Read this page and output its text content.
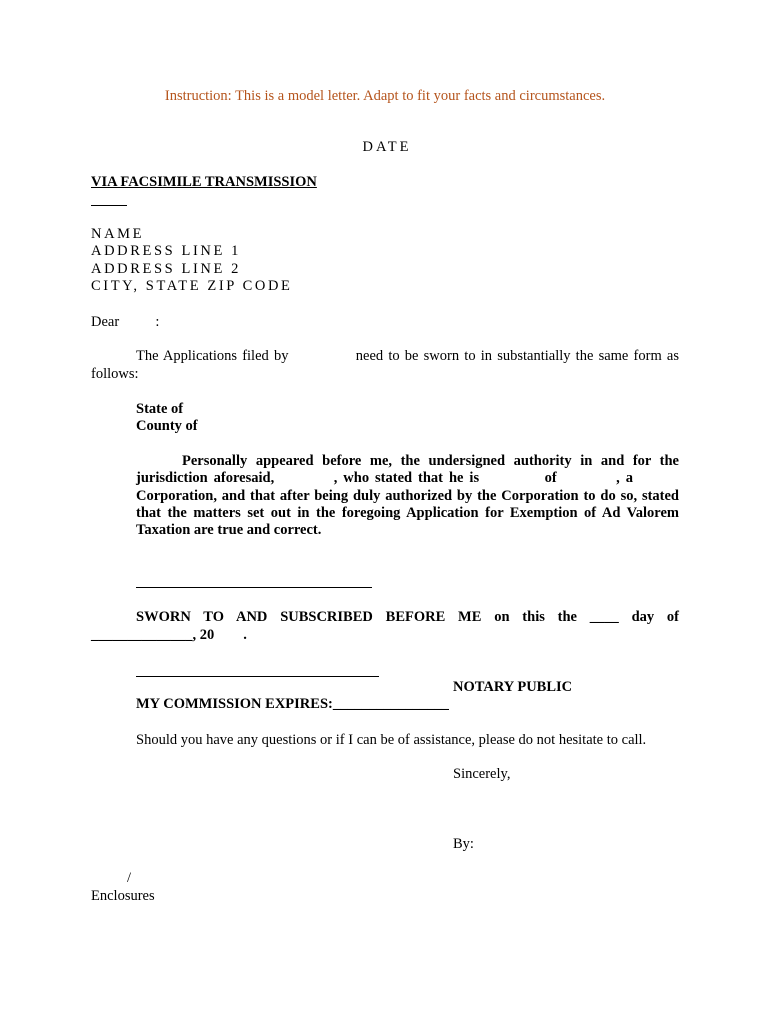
Instruction: This is a model letter. Adapt to fit your facts and circumstances.
DATE
VIA FACSIMILE TRANSMISSION
NAME
ADDRESS LINE 1
ADDRESS LINE 2
CITY, STATE ZIP CODE
Dear          :
The Applications filed by             need to be sworn to in substantially the same form as
follows:
State of
County of
Personally appeared before me, the undersigned authority in and for the
jurisdiction aforesaid,          , who stated that he is           of          , a
Corporation, and that after being duly authorized by the Corporation to do so, stated
that the matters set out in the foregoing Application for Exemption of Ad Valorem
Taxation are true and correct.
SWORN TO AND SUBSCRIBED BEFORE ME on this the ____ day of
______________, 20        .
NOTARY PUBLIC
MY COMMISSION EXPIRES:________________
Should you have any questions or if I can be of assistance, please do not hesitate to call.
Sincerely,
By:
/
Enclosures
